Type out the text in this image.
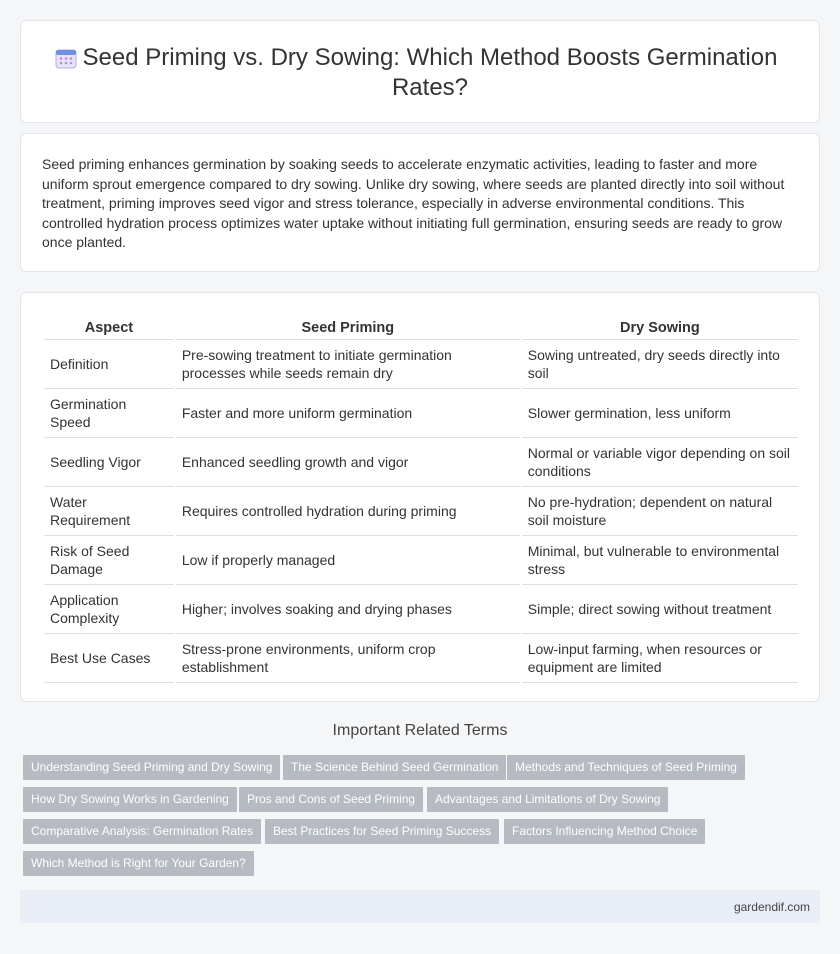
Seed Priming vs. Dry Sowing: Which Method Boosts Germination Rates?

Seed priming enhances germination by soaking seeds to accelerate enzymatic activities, leading to faster and more uniform sprout emergence compared to dry sowing. Unlike dry sowing, where seeds are planted directly into soil without treatment, priming improves seed vigor and stress tolerance, especially in adverse environmental conditions. This controlled hydration process optimizes water uptake without initiating full germination, ensuring seeds are ready to grow once planted.

Aspect	Seed Priming	Dry Sowing
Definition	Pre-sowing treatment to initiate germination processes while seeds remain dry	Sowing untreated, dry seeds directly into soil
Germination Speed	Faster and more uniform germination	Slower germination, less uniform
Seedling Vigor	Enhanced seedling growth and vigor	Normal or variable vigor depending on soil conditions
Water Requirement	Requires controlled hydration during priming	No pre-hydration; dependent on natural soil moisture
Risk of Seed Damage	Low if properly managed	Minimal, but vulnerable to environmental stress
Application Complexity	Higher; involves soaking and drying phases	Simple; direct sowing without treatment
Best Use Cases	Stress-prone environments, uniform crop establishment	Low-input farming, when resources or equipment are limited
Important Related Terms
Understanding Seed Priming and Dry Sowing	The Science Behind Seed Germination	Methods and Techniques of Seed Priming
How Dry Sowing Works in Gardening	Pros and Cons of Seed Priming	Advantages and Limitations of Dry Sowing
Comparative Analysis: Germination Rates	Best Practices for Seed Priming Success	Factors Influencing Method Choice
Which Method is Right for Your Garden?
gardendif.com
